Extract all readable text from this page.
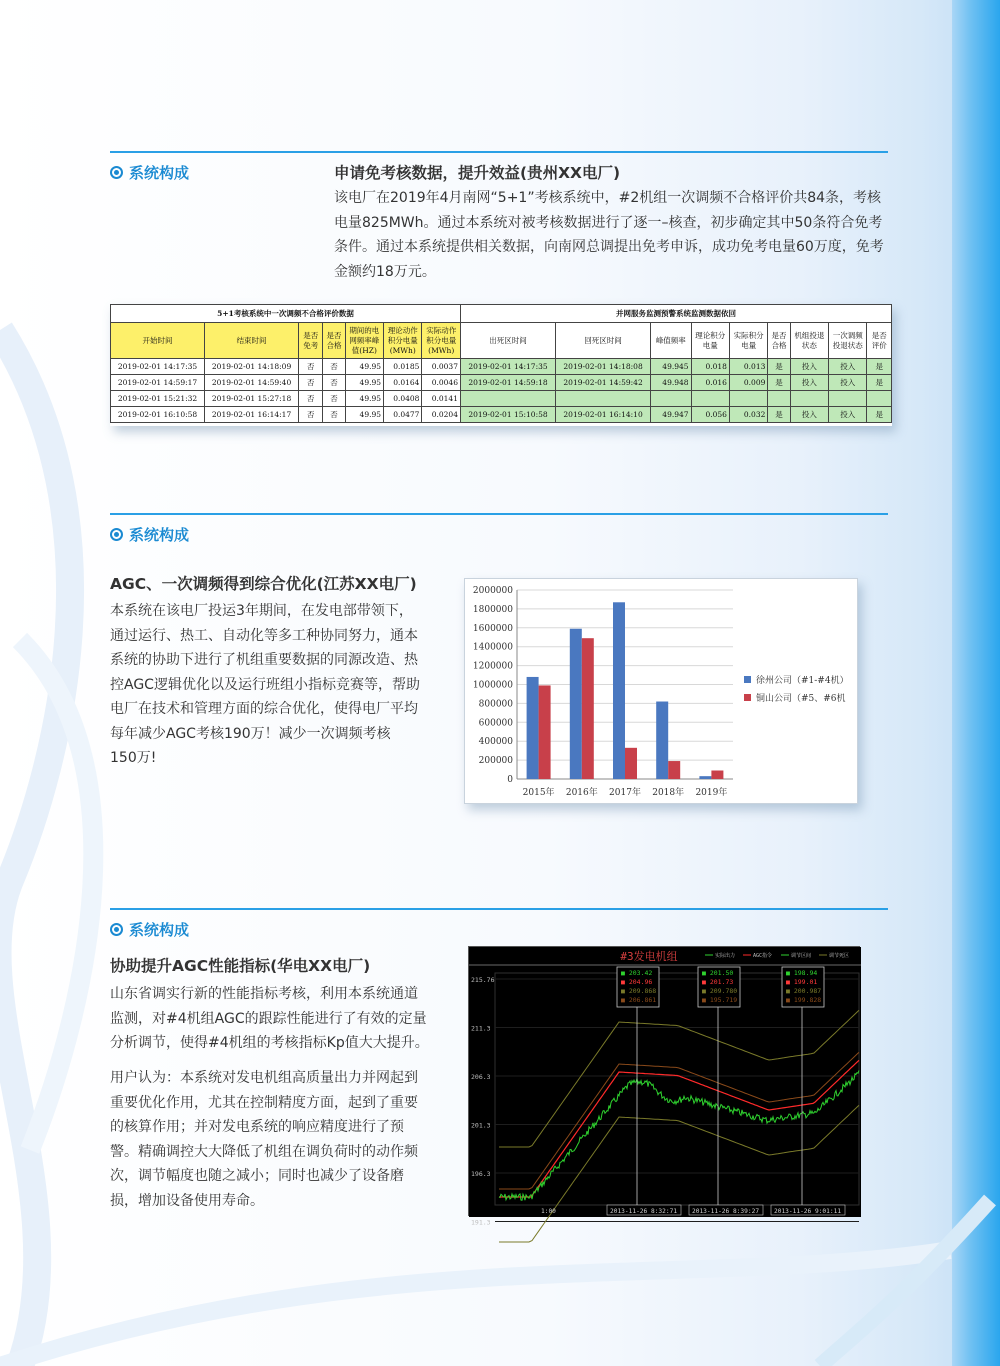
系统构成	申请免考核数据，提升效益(贵州XX电厂)
该电厂在2019年4月南网“5+1”考核系统中，#2机组一次调频不合格评价共84条，考核电量825MWh。通过本系统对被考核数据进行了逐一–核查，初步确定其中50条符合免考条件。通过本系统提供相关数据，向南网总调提出免考申诉，成功免考电量60万度，免考金额约18万元。
5+1考核系统中一次调频不合格评价数据							并网服务监测预警系统监测数据依回								
开始时间	结束时间	是否免考	是否合格	期间的电网频率峰值(HZ)	理论动作积分电量(MWh)	实际动作积分电量(MWh)	出死区时间	回死区时间	峰值频率	理论积分电量	实际积分电量	是否合格	机组投退状态	一次调频投退状态	是否评价
2019-02-01 14:17:35	2019-02-01 14:18:09	否	否	49.95	0.0185	0.0037	2019-02-01 14:17:35	2019-02-01 14:18:08	49.945	0.018	0.013	是	投入	投入	是
2019-02-01 14:59:17	2019-02-01 14:59:40	否	否	49.95	0.0164	0.0046	2019-02-01 14:59:18	2019-02-01 14:59:42	49.948	0.016	0.009	是	投入	投入	是
2019-02-01 15:21:32	2019-02-01 15:27:18	否	否	49.95	0.0408	0.0141									
2019-02-01 16:10:58	2019-02-01 16:14:17	否	否	49.95	0.0477	0.0204	2019-02-01 15:10:58	2019-02-01 16:14:10	49.947	0.056	0.032	是	投入	投入	是
系统构成
AGC、一次调频得到综合优化(江苏XX电厂)

本系统在该电厂投运3年期间，在发电部带领下，

通过运行、热工、自动化等多工种协同努力，通本

系统的协助下进行了机组重要数据的同源改造、热

控AGC逻辑优化以及运行班组小指标竞赛等，帮助

电厂在技术和管理方面的综合优化，使得电厂平均

每年减少AGC考核190万！减少一次调频考核

150万!

0
200000
400000
600000
800000
1000000
1200000
1400000
1600000
1800000
2000000
2015年 2016年 2017年 2018年 2019年
徐州公司（#1-#4机）
铜山公司（#5、#6机
系统构成
协助提升AGC性能指标(华电XX电厂)

山东省调实行新的性能指标考核，利用本系统通道

监测，对#4机组AGC的跟踪性能进行了有效的定量

分析调节，使得#4机组的考核指标Kp值大大提升。

用户认为：本系统对发电机组高质量出力并网起到

重要优化作用，尤其在控制精度方面，起到了重要

的核算作用；并对发电系统的响应精度进行了预

警。精确调控大大降低了机组在调负荷时的动作频

次，调节幅度也随之减小；同时也减少了设备磨

损，增加设备使用寿命。

#3发电机组	实际出力	AGC指令	调节区间	调节死区
215.76
211.3
206.3
201.3
196.3
191.3
■ 203.42
■ 204.96
■ 209.868
■ 206.861
■ 201.50
■ 201.73
■ 209.780
■ 195.719
■ 198.94
■ 199.01
■ 200.987
■ 199.828
1:00	2013-11-26 8:32:71 2013-11-26 8:39:27 2013-11-26 9:01:11
